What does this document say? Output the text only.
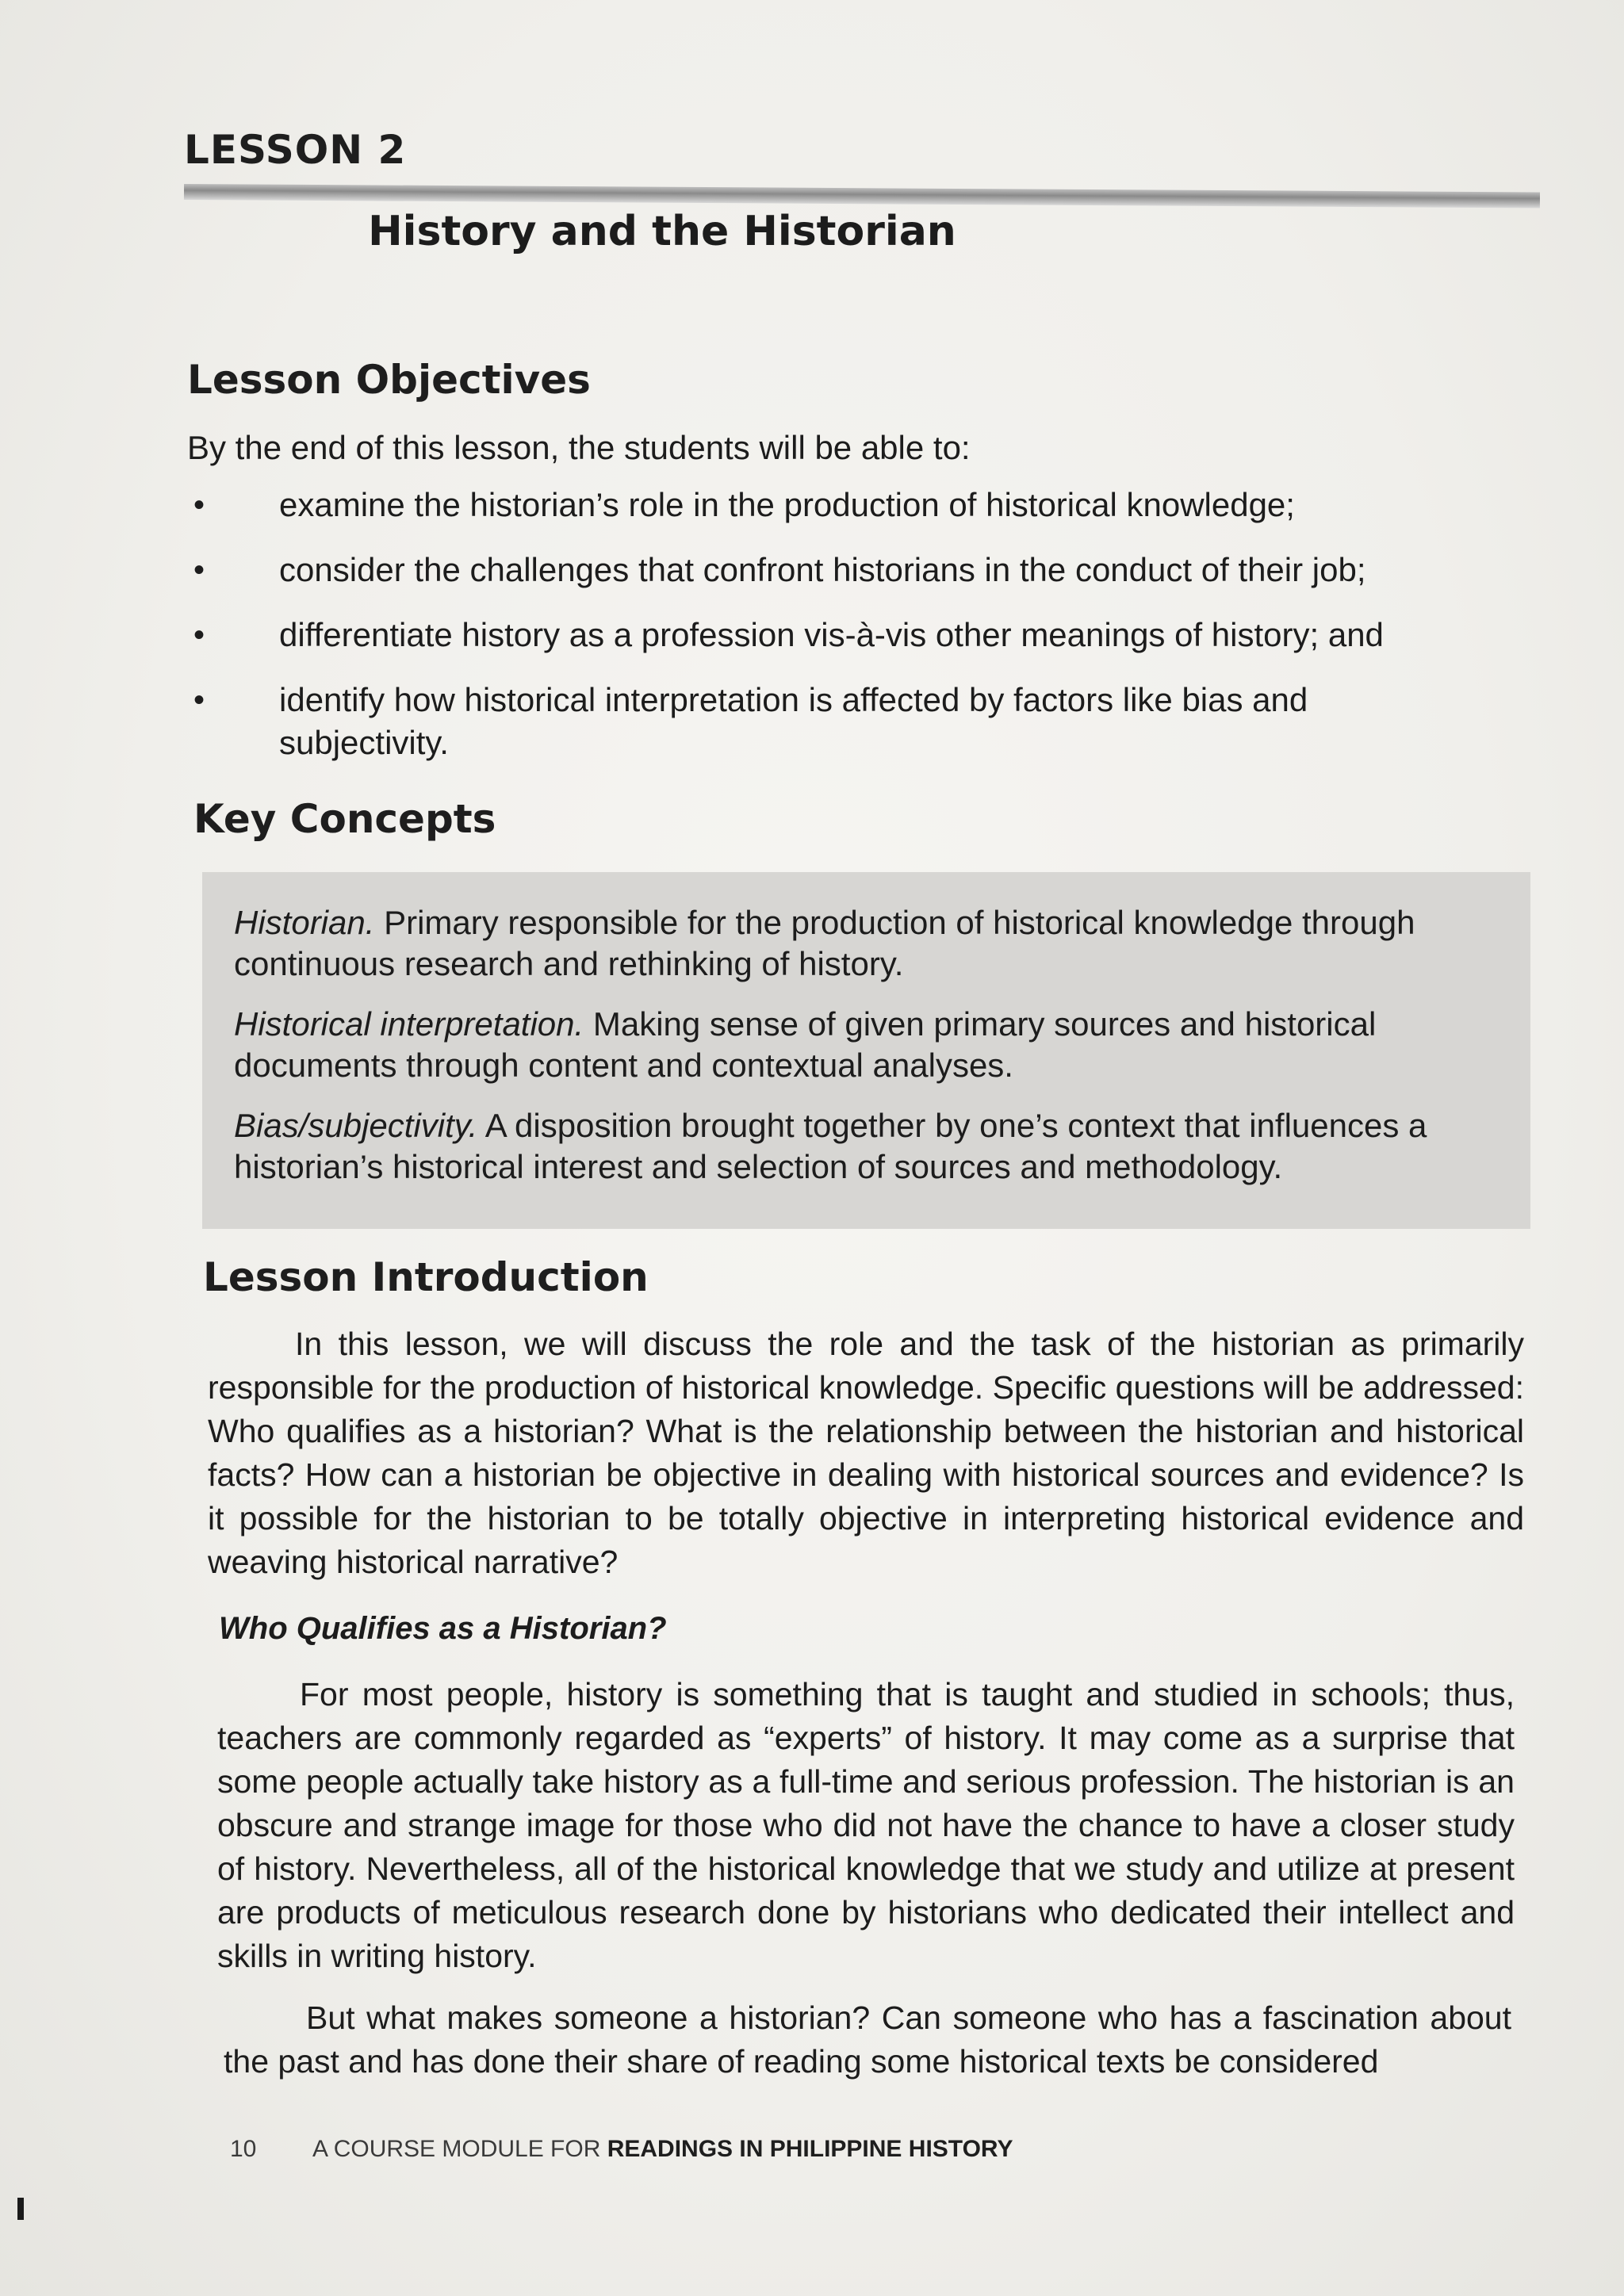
LESSON 2
History and the Historian
Lesson Objectives
By the end of this lesson, the students will be able to:
• examine the historian’s role in the production of historical knowledge;
• consider the challenges that confront historians in the conduct of their job;
• differentiate history as a profession vis-à-vis other meanings of history; and
• identify how historical interpretation is affected by factors like bias and subjectivity.
Key Concepts
Historian. Primary responsible for the production of historical knowledge through continuous research and rethinking of history.
Historical interpretation. Making sense of given primary sources and historical documents through content and contextual analyses.
Bias/subjectivity. A disposition brought together by one’s context that influences a historian’s historical interest and selection of sources and methodology.
Lesson Introduction
In this lesson, we will discuss the role and the task of the historian as primarily responsible for the production of historical knowledge. Specific questions will be addressed: Who qualifies as a historian? What is the relationship between the historian and historical facts? How can a historian be objective in dealing with historical sources and evidence? Is it possible for the historian to be totally objective in interpreting historical evidence and weaving historical narrative?
Who Qualifies as a Historian?
For most people, history is something that is taught and studied in schools; thus, teachers are commonly regarded as “experts” of history. It may come as a surprise that some people actually take history as a full-time and serious profession. The historian is an obscure and strange image for those who did not have the chance to have a closer study of history. Nevertheless, all of the historical knowledge that we study and utilize at present are products of meticulous research done by historians who dedicated their intellect and skills in writing history.
But what makes someone a historian? Can someone who has a fascination about the past and has done their share of reading some historical texts be considered
10 A COURSE MODULE FOR READINGS IN PHILIPPINE HISTORY
